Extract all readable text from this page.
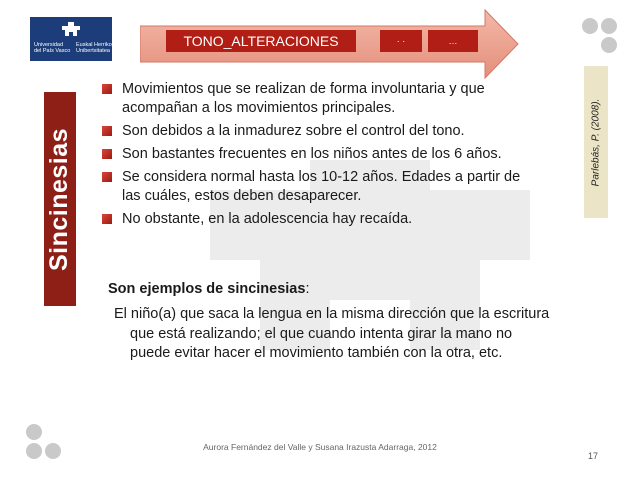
Universidad
del País Vasco
Euskal Herriko
Unibertsitatea
TONO_ALTERACIONES	· ·	…
Parlebás, P. (2008).
Sincinesias
Movimientos que se realizan de forma involuntaria y que acompañan a los movimientos principales.
Son debidos a la inmadurez sobre el control del tono.
Son bastantes frecuentes en los niños antes de los 6 años.
Se considera normal hasta los 10-12 años. Edades a partir de las cuáles, estos deben desaparecer.
No obstante, en la adolescencia hay recaída.
Son ejemplos de sincinesias:
El niño(a) que saca la lengua en la misma dirección que la escritura que está realizando; el que cuando intenta girar la mano no puede evitar hacer el movimiento también con la otra, etc.
Aurora Fernández del Valle y Susana Irazusta Adarraga, 2012
17
